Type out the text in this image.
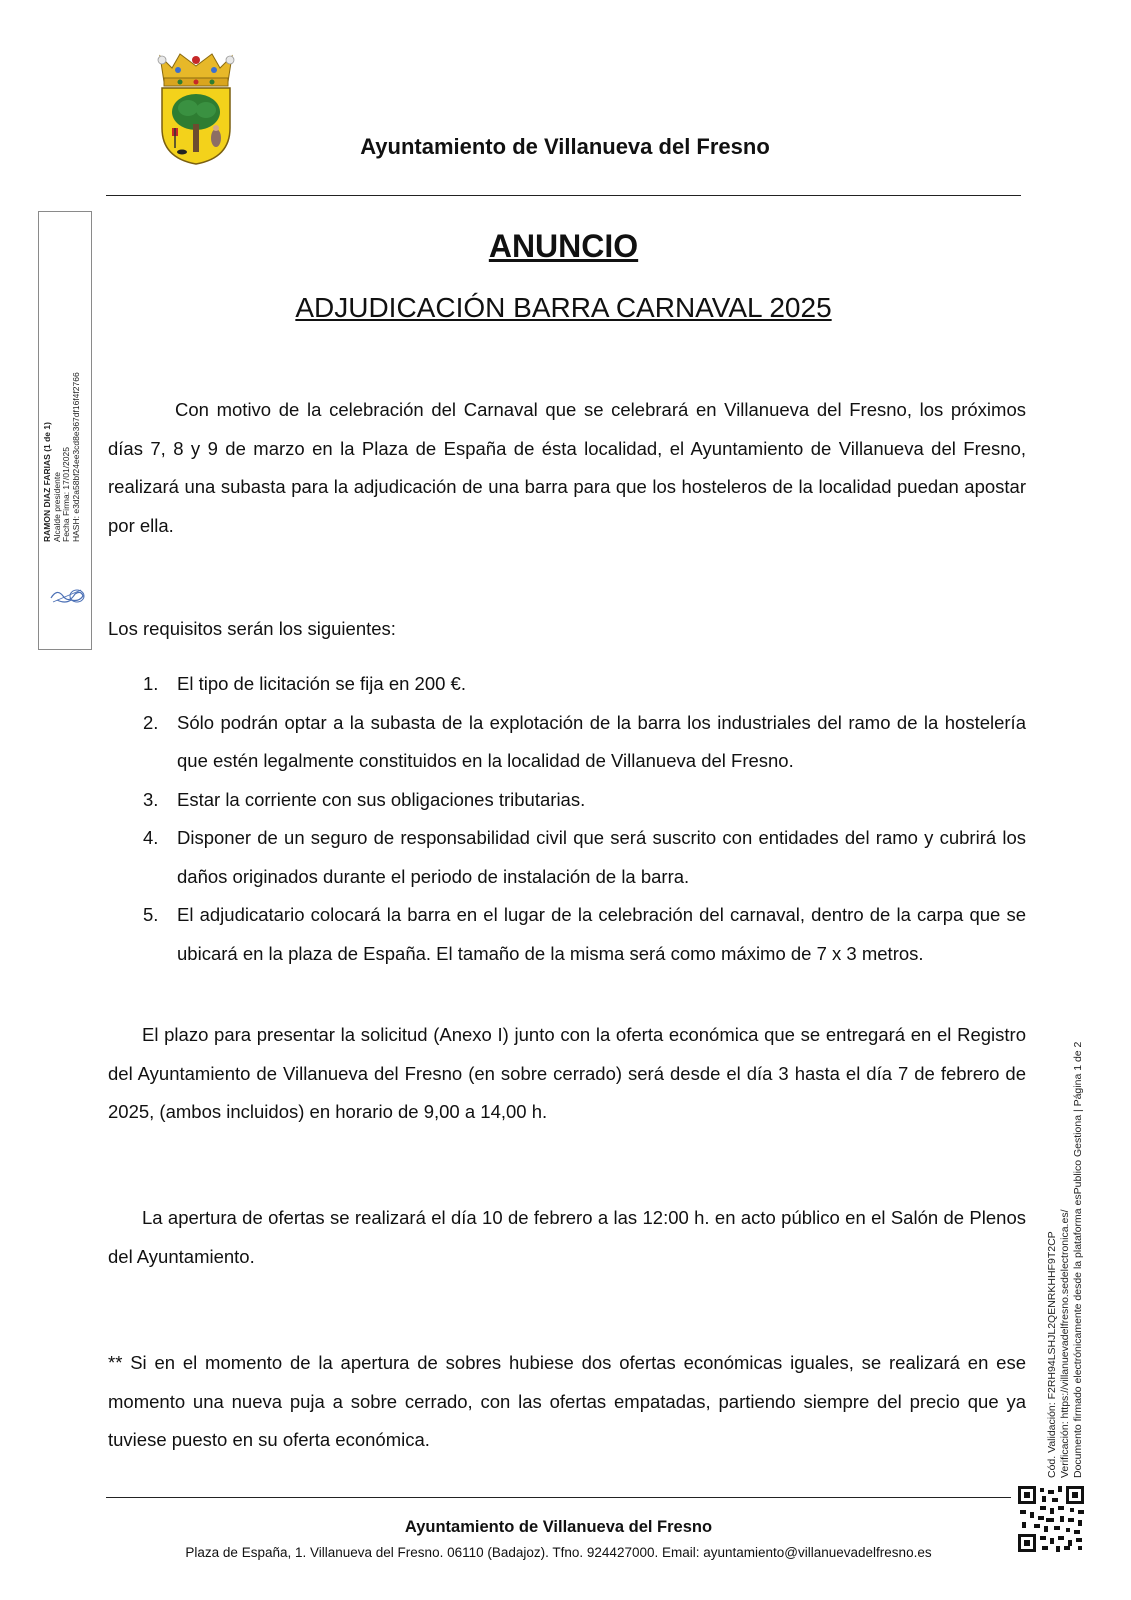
Ayuntamiento de Villanueva del Fresno
RAMON DIAZ FARIAS (1 de 1) Alcalde presidente Fecha Firma: 17/01/2025 HASH: e3d2a58bf24ee3cd8e367df16f4f2766
ANUNCIO
ADJUDICACIÓN BARRA CARNAVAL 2025

Con motivo de la celebración del Carnaval que se celebrará en Villanueva del Fresno, los próximos días 7, 8 y 9 de marzo en la Plaza de España de ésta localidad, el Ayuntamiento de Villanueva del Fresno, realizará una subasta para la adjudicación de una barra para que los hosteleros de la localidad puedan apostar por ella.

Los requisitos serán los siguientes:

1. El tipo de licitación se fija en 200 €.
2. Sólo podrán optar a la subasta de la explotación de la barra los industriales del ramo de la hostelería que estén legalmente constituidos en la localidad de Villanueva del Fresno.
3. Estar la corriente con sus obligaciones tributarias.
4. Disponer de un seguro de responsabilidad civil que será suscrito con entidades del ramo y cubrirá los daños originados durante el periodo de instalación de la barra.
5. El adjudicatario colocará la barra en el lugar de la celebración del carnaval, dentro de la carpa que se ubicará en la plaza de España. El tamaño de la misma será como máximo de 7 x 3 metros.

El plazo para presentar la solicitud (Anexo I) junto con la oferta económica que se entregará en el Registro del Ayuntamiento de Villanueva del Fresno (en sobre cerrado) será desde el día 3 hasta el día 7 de febrero de 2025, (ambos incluidos) en horario de 9,00 a 14,00 h.

La apertura de ofertas se realizará el día 10 de febrero a las 12:00 h. en acto público en el Salón de Plenos del Ayuntamiento.

** Si en el momento de la apertura de sobres hubiese dos ofertas económicas iguales, se realizará en ese momento una nueva puja a sobre cerrado, con las ofertas empatadas, partiendo siempre del precio que ya tuviese puesto en su oferta económica.	Cód. Validación: F2RH94LSHJL2QENRKHHF9T2CP Verificación: https://villanuevadelfresno.sedelectronica.es/ Documento firmado electrónicamente desde la plataforma esPublico Gestiona | Página 1 de 2
Ayuntamiento de Villanueva del Fresno
Plaza de España, 1. Villanueva del Fresno. 06110 (Badajoz). Tfno. 924427000. Email: ayuntamiento@villanuevadelfresno.es
